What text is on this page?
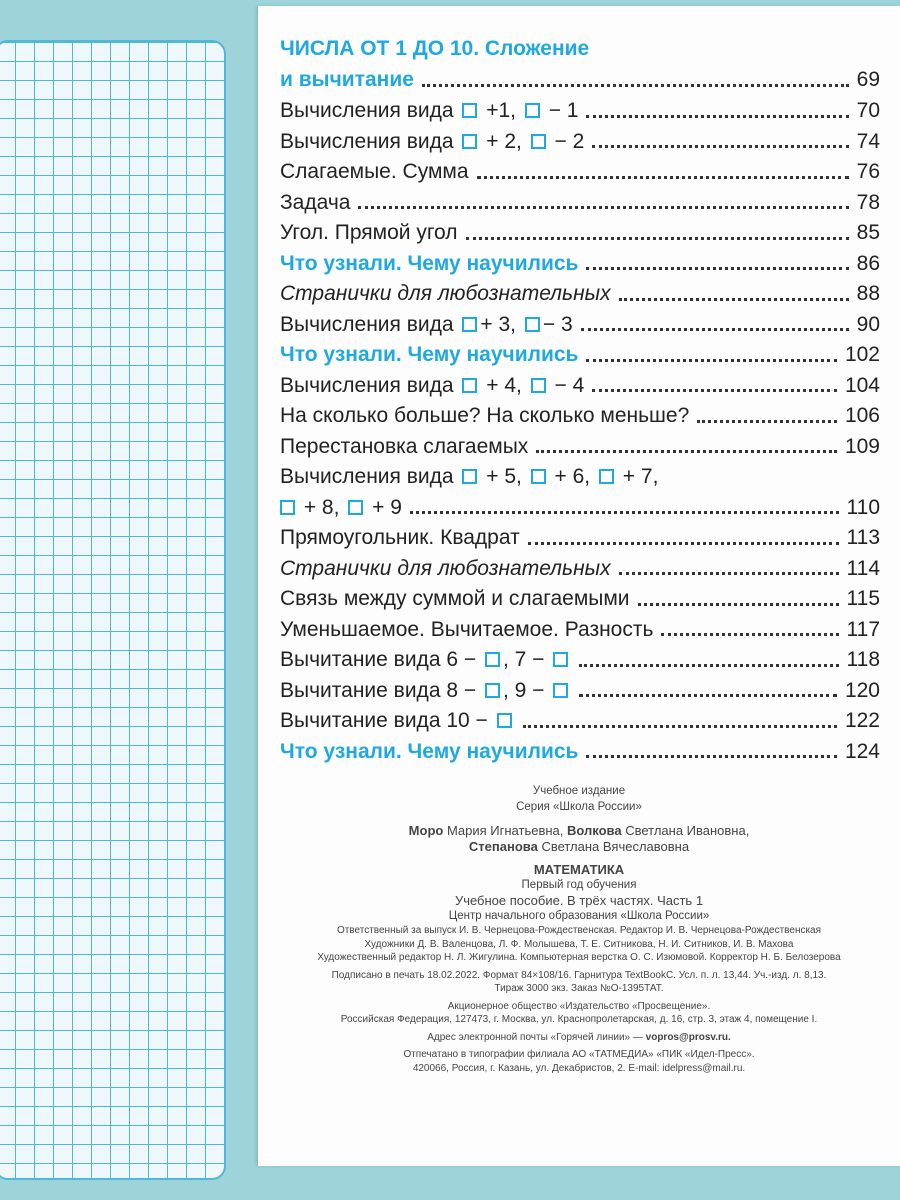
ЧИСЛА ОТ 1 ДО 10. Сложение
и вычитание	69
Вычисления вида  +1,  − 1	70
Вычисления вида  + 2,  − 2	74
Слагаемые. Сумма	76
Задача	78
Угол. Прямой угол	85
Что узнали. Чему научились	86
Странички для любознательных	88
Вычисления вида + 3, − 3	90
Что узнали. Чему научились	102
Вычисления вида  + 4,  − 4	104
На сколько больше? На сколько меньше?	106
Перестановка слагаемых	109
Вычисления вида  + 5,  + 6,  + 7,
+ 8,  + 9	110
Прямоугольник. Квадрат	113
Странички для любознательных	114
Связь между суммой и слагаемыми	115
Уменьшаемое. Вычитаемое. Разность	117
Вычитание вида 6 − , 7 −	118
Вычитание вида 8 − , 9 −	120
Вычитание вида 10 −	122
Что узнали. Чему научились	124
Учебное издание
Серия «Школа России»
Моро Мария Игнатьевна, Волкова Светлана Ивановна,
Степанова Светлана Вячеславовна
МАТЕМАТИКА
Первый год обучения
Учебное пособие. В трёх частях. Часть 1
Центр начального образования «Школа России»
Ответственный за выпуск И. В. Чернецова-Рождественская. Редактор И. В. Чернецова-Рождественская
Художники Д. В. Валенцова, Л. Ф. Молышева, Т. Е. Ситникова, Н. И. Ситников, И. В. Махова
Художественный редактор Н. Л. Жигулина. Компьютерная верстка О. С. Изюмовой. Корректор Н. Б. Белозерова
Подписано в печать 18.02.2022. Формат 84×108/16. Гарнитура TextBookC. Усл. п. л. 13,44. Уч.-изд. л. 8,13.
Тираж 3000 экз. Заказ №О-1395ТАТ.
Акционерное общество «Издательство «Просвещение».
Российская Федерация, 127473, г. Москва, ул. Краснопролетарская, д. 16, стр. 3, этаж 4, помещение I.
Адрес электронной почты «Горячей линии» — vopros@prosv.ru.
Отпечатано в типографии филиала АО «ТАТМЕДИА» «ПИК «Идел-Пресс».
420066, Россия, г. Казань, ул. Декабристов, 2. E-mail: idelpress@mail.ru.
